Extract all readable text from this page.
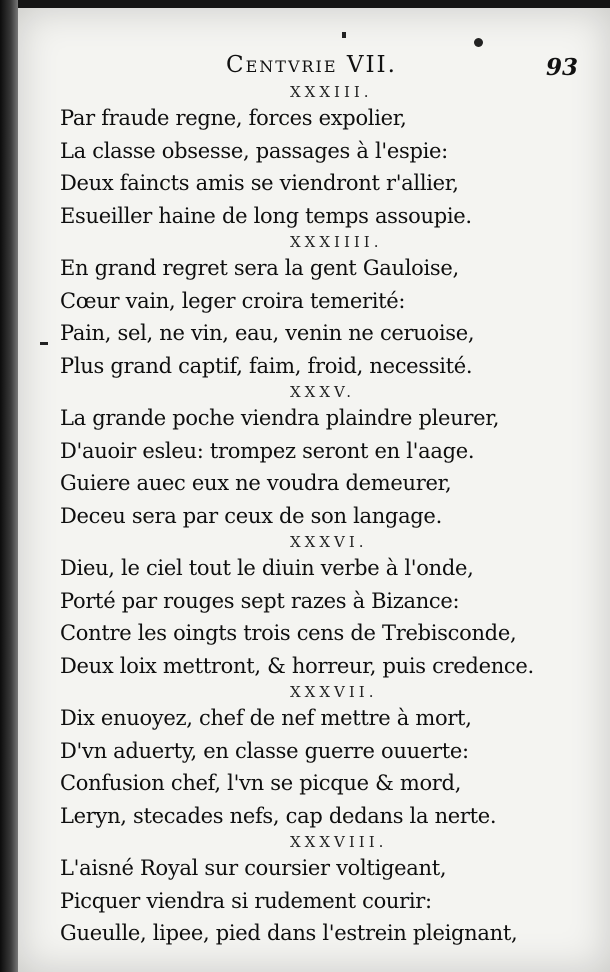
Centvrie VII.	93
XXXIII.
Par fraude regne, forces expolier,
La classe obsesse, passages à l'espie:
Deux faincts amis se viendront r'allier,
Esueiller haine de long temps assoupie.
XXXIIII.
En grand regret sera la gent Gauloise,
Cœur vain, leger croira temerité:
Pain, sel, ne vin, eau, venin ne ceruoise,
Plus grand captif, faim, froid, necessité.
XXXV.
La grande poche viendra plaindre pleurer,
D'auoir esleu: trompez seront en l'aage.
Guiere auec eux ne voudra demeurer,
Deceu sera par ceux de son langage.
XXXVI.
Dieu, le ciel tout le diuin verbe à l'onde,
Porté par rouges sept razes à Bizance:
Contre les oingts trois cens de Trebisconde,
Deux loix mettront, & horreur, puis credence.
XXXVII.
Dix enuoyez, chef de nef mettre à mort,
D'vn aduerty, en classe guerre ouuerte:
Confusion chef, l'vn se picque & mord,
Leryn, stecades nefs, cap dedans la nerte.
XXXVIII.
L'aisné Royal sur coursier voltigeant,
Picquer viendra si rudement courir:
Gueulle, lipee, pied dans l'estrein pleignant,
